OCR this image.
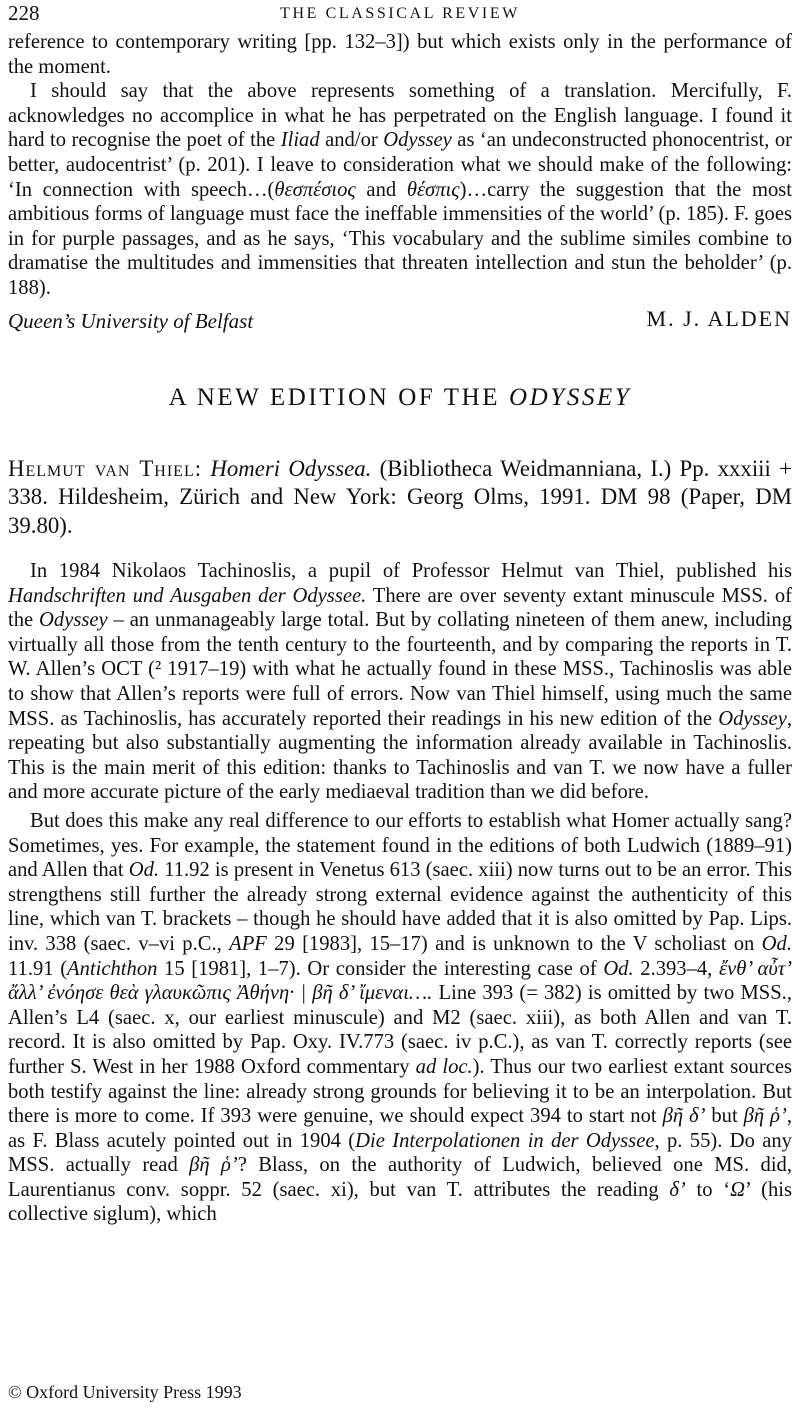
228	THE CLASSICAL REVIEW

reference to contemporary writing [pp. 132–3]) but which exists only in the performance of the moment.

I should say that the above represents something of a translation. Mercifully, F. acknowledges no accomplice in what he has perpetrated on the English language. I found it hard to recognise the poet of the Iliad and/or Odyssey as ‘an undeconstructed phonocentrist, or better, audocentrist’ (p. 201). I leave to consideration what we should make of the following: ‘In connection with speech…(θεσπέσιος and θέσπις)…carry the suggestion that the most ambitious forms of language must face the ineffable immensities of the world’ (p. 185). F. goes in for purple passages, and as he says, ‘This vocabulary and the sublime similes combine to dramatise the multitudes and immensities that threaten intellection and stun the beholder’ (p. 188).

Queen’s University of Belfast	M. J. ALDEN
A NEW EDITION OF THE ODYSSEY
Helmut van Thiel: Homeri Odyssea. (Bibliotheca Weidmanniana, I.) Pp. xxxiii + 338. Hildesheim, Zürich and New York: Georg Olms, 1991. DM 98 (Paper, DM 39.80).

In 1984 Nikolaos Tachinoslis, a pupil of Professor Helmut van Thiel, published his Handschriften und Ausgaben der Odyssee. There are over seventy extant minuscule MSS. of the Odyssey – an unmanageably large total. But by collating nineteen of them anew, including virtually all those from the tenth century to the fourteenth, and by comparing the reports in T. W. Allen’s OCT (² 1917–19) with what he actually found in these MSS., Tachinoslis was able to show that Allen’s reports were full of errors. Now van Thiel himself, using much the same MSS. as Tachinoslis, has accurately reported their readings in his new edition of the Odyssey, repeating but also substantially augmenting the information already available in Tachinoslis. This is the main merit of this edition: thanks to Tachinoslis and van T. we now have a fuller and more accurate picture of the early mediaeval tradition than we did before.

But does this make any real difference to our efforts to establish what Homer actually sang? Sometimes, yes. For example, the statement found in the editions of both Ludwich (1889–91) and Allen that Od. 11.92 is present in Venetus 613 (saec. xiii) now turns out to be an error. This strengthens still further the already strong external evidence against the authenticity of this line, which van T. brackets – though he should have added that it is also omitted by Pap. Lips. inv. 338 (saec. v–vi p.C., APF 29 [1983], 15–17) and is unknown to the V scholiast on Od. 11.91 (Antichthon 15 [1981], 1–7). Or consider the interesting case of Od. 2.393–4, ἔνθ’ αὖτ’ ἄλλ’ ἐνόησε θεὰ γλαυκῶπις Ἀθήνη· | βῆ δ’ ἴμεναι…. Line 393 (= 382) is omitted by two MSS., Allen’s L4 (saec. x, our earliest minuscule) and M2 (saec. xiii), as both Allen and van T. record. It is also omitted by Pap. Oxy. IV.773 (saec. iv p.C.), as van T. correctly reports (see further S. West in her 1988 Oxford commentary ad loc.). Thus our two earliest extant sources both testify against the line: already strong grounds for believing it to be an interpolation. But there is more to come. If 393 were genuine, we should expect 394 to start not βῆ δ’ but βῆ ῥ’, as F. Blass acutely pointed out in 1904 (Die Interpolationen in der Odyssee, p. 55). Do any MSS. actually read βῆ ῥ’? Blass, on the authority of Ludwich, believed one MS. did, Laurentianus conv. soppr. 52 (saec. xi), but van T. attributes the reading δ’ to ‘Ω’ (his collective siglum), which

© Oxford University Press 1993
